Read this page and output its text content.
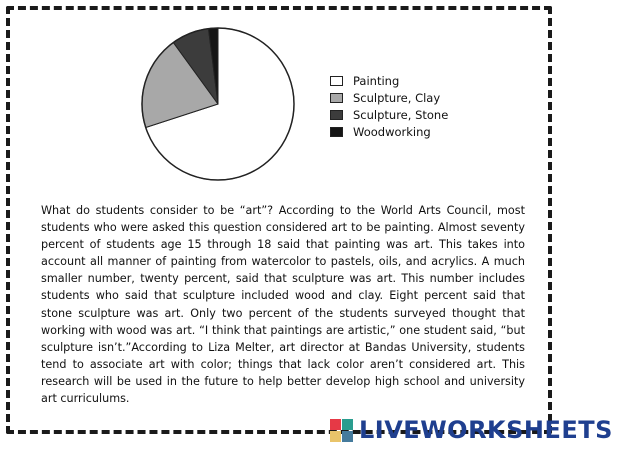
Painting
Sculpture, Clay
Sculpture, Stone
Woodworking

What do students consider to be “art”? According to the World Arts Council, most students who were asked this question considered art to be painting. Almost seventy percent of students age 15 through 18 said that painting was art. This takes into account all manner of painting from watercolor to pastels, oils, and acrylics. A much smaller number, twenty percent, said that sculpture was art. This number includes students who said that sculpture included wood and clay. Eight percent said that stone sculpture was art. Only two percent of the students surveyed thought that working with wood was art. “I think that paintings are artistic,” one student said, “but sculpture isn’t.”According to Liza Melter, art director at Bandas University, students tend to associate art with color; things that lack color aren’t considered art. This research will be used in the future to help better develop high school and university art curriculums.

LIVEWORKSHEETS
